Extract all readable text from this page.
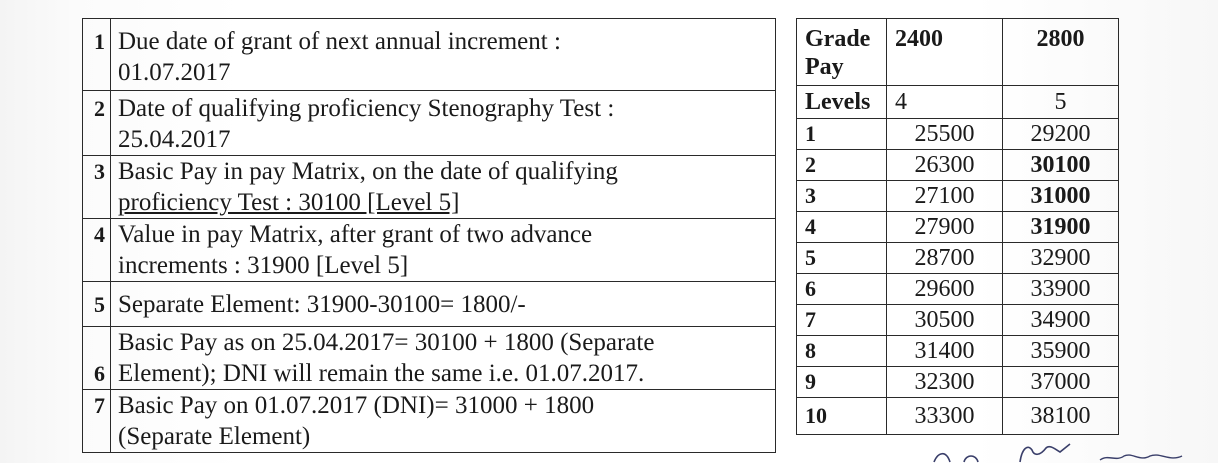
1	Due date of grant of next annual increment :
01.07.2017

2	Date of qualifying proficiency Stenography Test :
25.04.2017

3	Basic Pay in pay Matrix, on the date of qualifying
proficiency Test : 30100 [Level 5]

4	Value in pay Matrix, after grant of two advance
increments : 31900 [Level 5]

5	Separate Element: 31900-30100= 1800/-

6	Basic Pay as on 25.04.2017= 30100 + 1800 (Separate
Element); DNI will remain the same i.e. 01.07.2017.

7	Basic Pay on 01.07.2017 (DNI)= 31000 + 1800
(Separate Element)
Grade
Pay	2400	2800
Levels	4	5
1	25500	29200
2	26300	30100
3	27100	31000
4	27900	31900
5	28700	32900
6	29600	33900
7	30500	34900
8	31400	35900
9	32300	37000
10	33300	38100
